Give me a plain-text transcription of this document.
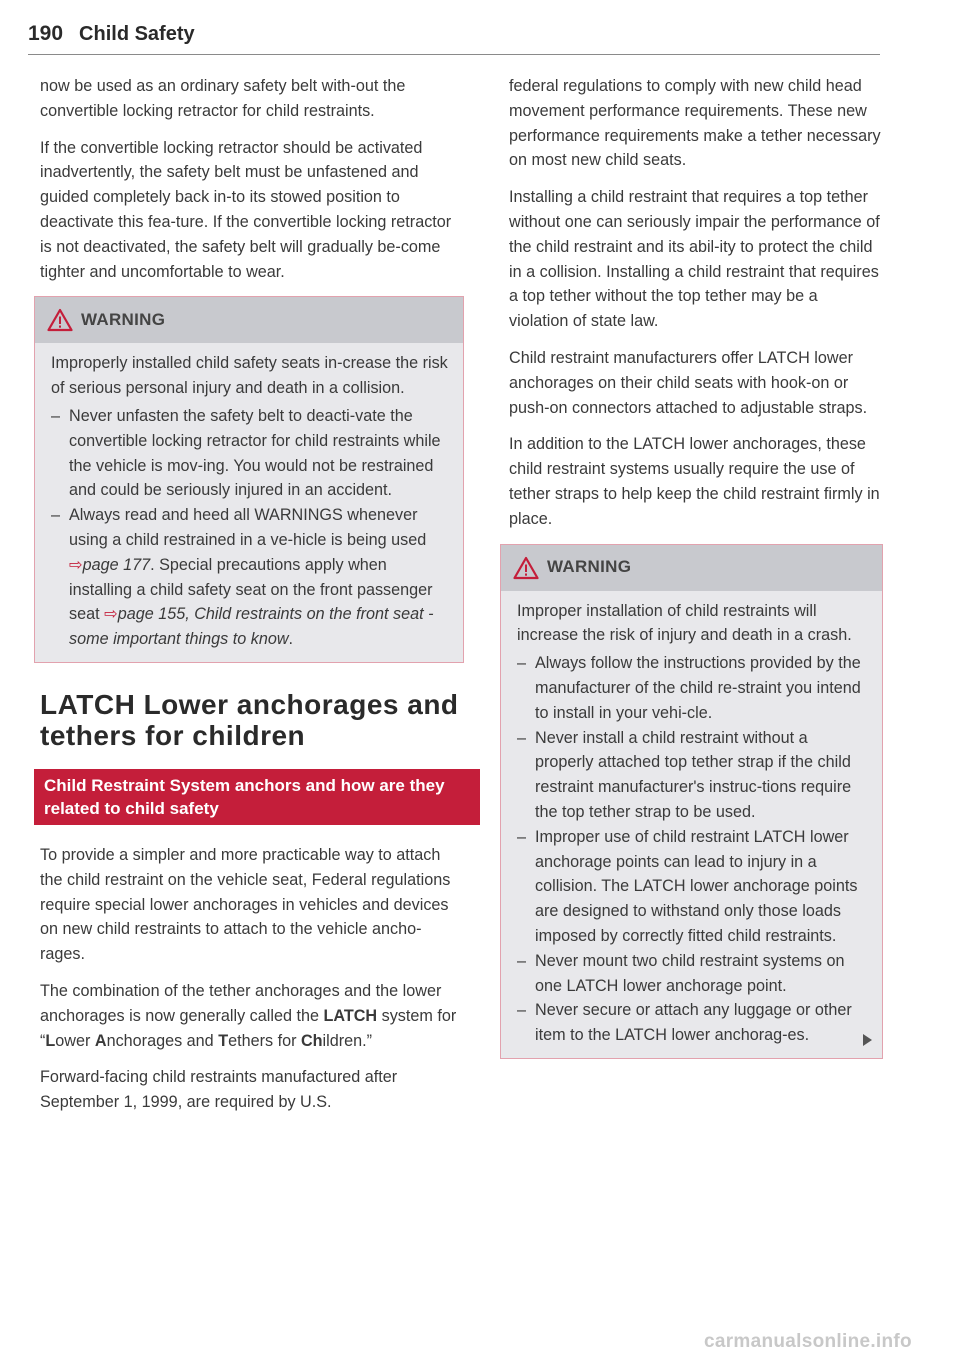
190 Child Safety

now be used as an ordinary safety belt with-out the convertible locking retractor for child restraints.

If the convertible locking retractor should be activated inadvertently, the safety belt must be unfastened and guided completely back in-to its stowed position to deactivate this fea-ture. If the convertible locking retractor is not deactivated, the safety belt will gradually be-come tighter and uncomfortable to wear.

WARNING

Improperly installed child safety seats in-crease the risk of serious personal injury and death in a collision.

– Never unfasten the safety belt to deacti-vate the convertible locking retractor for child restraints while the vehicle is mov-ing. You would not be restrained and could be seriously injured in an accident.
– Always read and heed all WARNINGS whenever using a child restrained in a ve-hicle is being used ⇨page 177. Special precautions apply when installing a child safety seat on the front passenger seat ⇨page 155, Child restraints on the front seat - some important things to know.
LATCH Lower anchorages and tethers for children
Child Restraint System anchors and how are they related to child safety

To provide a simpler and more practicable way to attach the child restraint on the vehicle seat, Federal regulations require special lower anchorages in vehicles and devices on new child restraints to attach to the vehicle ancho-rages.

The combination of the tether anchorages and the lower anchorages is now generally called the LATCH system for “Lower Anchorages and Tethers for Children.”

Forward-facing child restraints manufactured after September 1, 1999, are required by U.S.

federal regulations to comply with new child head movement performance requirements. These new performance requirements make a tether necessary on most new child seats.

Installing a child restraint that requires a top tether without one can seriously impair the performance of the child restraint and its abil-ity to protect the child in a collision. Installing a child restraint that requires a top tether without the top tether may be a violation of state law.

Child restraint manufacturers offer LATCH lower anchorages on their child seats with hook-on or push-on connectors attached to adjustable straps.

In addition to the LATCH lower anchorages, these child restraint systems usually require the use of tether straps to help keep the child restraint firmly in place.

WARNING

Improper installation of child restraints will increase the risk of injury and death in a crash.

– Always follow the instructions provided by the manufacturer of the child re-straint you intend to install in your vehi-cle.
– Never install a child restraint without a properly attached top tether strap if the child restraint manufacturer's instruc-tions require the top tether strap to be used.
– Improper use of child restraint LATCH lower anchorage points can lead to injury in a collision. The LATCH lower anchorage points are designed to withstand only those loads imposed by correctly fitted child restraints.
– Never mount two child restraint systems on one LATCH lower anchorage point.
– Never secure or attach any luggage or other item to the LATCH lower anchorag-es.
carmanualsonline.info
